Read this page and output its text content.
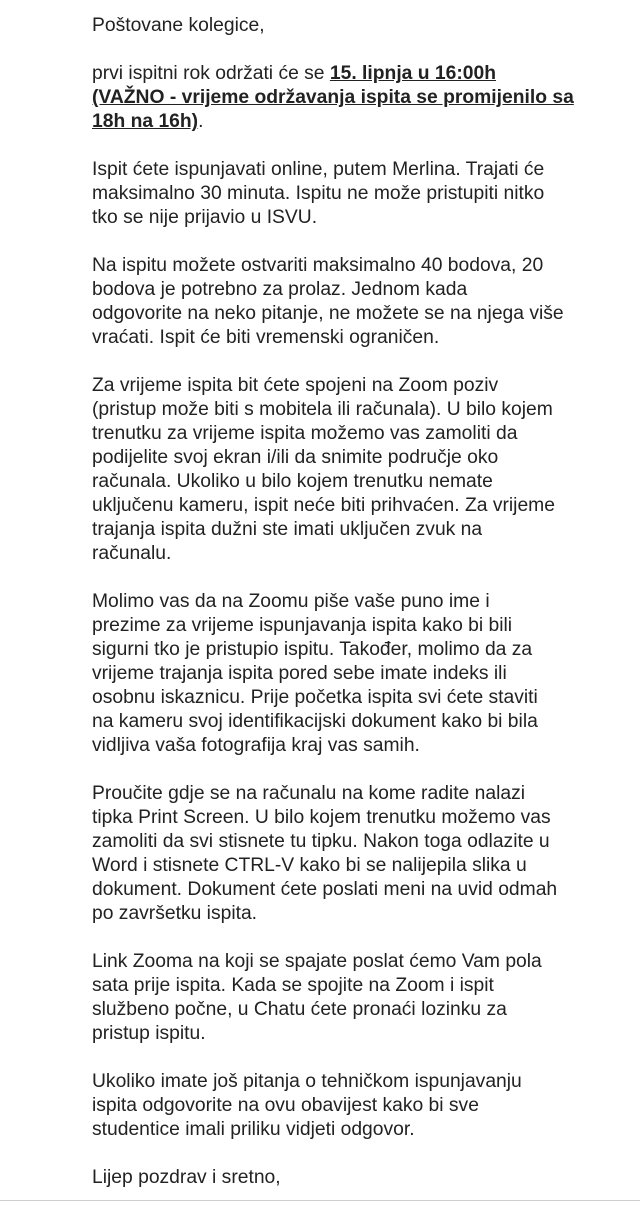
Poštovane kolegice,

prvi ispitni rok održati će se 15. lipnja u 16:00h
(VAŽNO - vrijeme održavanja ispita se promijenilo sa
18h na 16h).
Ispit ćete ispunjavati online, putem Merlina. Trajati će
maksimalno 30 minuta. Ispitu ne može pristupiti nitko
tko se nije prijavio u ISVU.
Na ispitu možete ostvariti maksimalno 40 bodova, 20
bodova je potrebno za prolaz. Jednom kada
odgovorite na neko pitanje, ne možete se na njega više
vraćati. Ispit će biti vremenski ograničen.
Za vrijeme ispita bit ćete spojeni na Zoom poziv
(pristup može biti s mobitela ili računala). U bilo kojem
trenutku za vrijeme ispita možemo vas zamoliti da
podijelite svoj ekran i/ili da snimite područje oko
računala. Ukoliko u bilo kojem trenutku nemate
uključenu kameru, ispit neće biti prihvaćen. Za vrijeme
trajanja ispita dužni ste imati uključen zvuk na
računalu.
Molimo vas da na Zoomu piše vaše puno ime i
prezime za vrijeme ispunjavanja ispita kako bi bili
sigurni tko je pristupio ispitu. Također, molimo da za
vrijeme trajanja ispita pored sebe imate indeks ili
osobnu iskaznicu. Prije početka ispita svi ćete staviti
na kameru svoj identifikacijski dokument kako bi bila
vidljiva vaša fotografija kraj vas samih.
Proučite gdje se na računalu na kome radite nalazi
tipka Print Screen. U bilo kojem trenutku možemo vas
zamoliti da svi stisnete tu tipku. Nakon toga odlazite u
Word i stisnete CTRL-V kako bi se nalijepila slika u
dokument. Dokument ćete poslati meni na uvid odmah
po završetku ispita.
Link Zooma na koji se spajate poslat ćemo Vam pola
sata prije ispita. Kada se spojite na Zoom i ispit
službeno počne, u Chatu ćete pronaći lozinku za
pristup ispitu.
Ukoliko imate još pitanja o tehničkom ispunjavanju
ispita odgovorite na ovu obavijest kako bi sve
studentice imali priliku vidjeti odgovor.

Lijep pozdrav i sretno,
